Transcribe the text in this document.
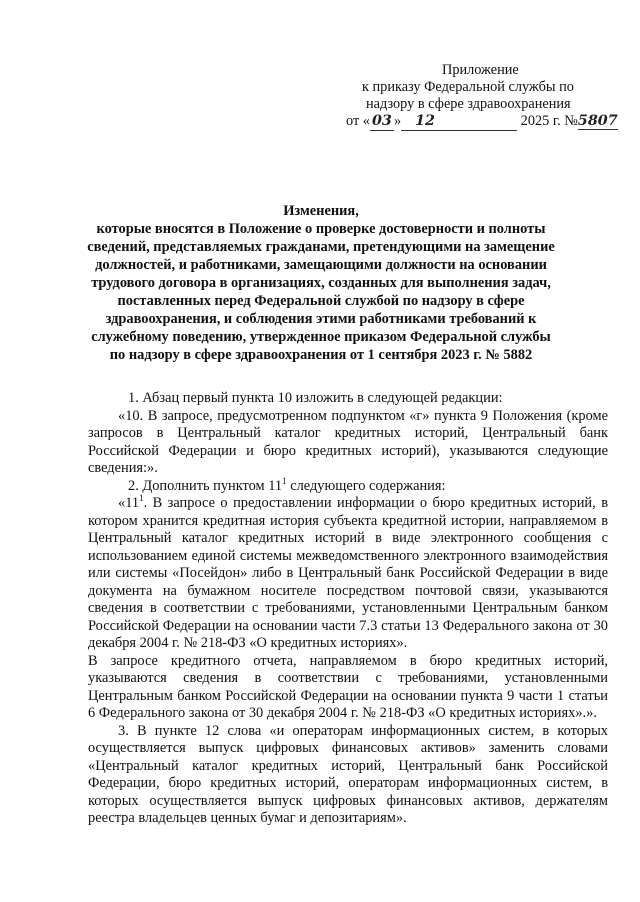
Приложение
к приказу Федеральной службы по
надзору в сфере здравоохранения
от « 03 » 12	2025 г. №5807
Изменения,
которые вносятся в Положение о проверке достоверности и полноты сведений, представляемых гражданами, претендующими на замещение должностей, и работниками, замещающими должности на основании трудового договора в организациях, созданных для выполнения задач, поставленных перед Федеральной службой по надзору в сфере здравоохранения, и соблюдения этими работниками требований к служебному поведению, утвержденное приказом Федеральной службы по надзору в сфере здравоохранения от 1 сентября 2023 г. № 5882

1. Абзац первый пункта 10 изложить в следующей редакции:

«10. В запросе, предусмотренном подпунктом «г» пункта 9 Положения (кроме запросов в Центральный каталог кредитных историй, Центральный банк Российской Федерации и бюро кредитных историй), указываются следующие сведения:».

2. Дополнить пунктом $11^1$ следующего содержания:

«$11^1$. В запросе о предоставлении информации о бюро кредитных историй, в котором хранится кредитная история субъекта кредитной истории, направляемом в Центральный каталог кредитных историй в виде электронного сообщения с использованием единой системы межведомственного электронного взаимодействия или системы «Посейдон» либо в Центральный банк Российской Федерации в виде документа на бумажном носителе посредством почтовой связи, указываются сведения в соответствии с требованиями, установленными Центральным банком Российской Федерации на основании части 7.3 статьи 13 Федерального закона от 30 декабря 2004 г. № 218-ФЗ «О кредитных историях».

В запросе кредитного отчета, направляемом в бюро кредитных историй, указываются сведения в соответствии с требованиями, установленными Центральным банком Российской Федерации на основании пункта 9 части 1 статьи 6 Федерального закона от 30 декабря 2004 г. № 218-ФЗ «О кредитных историях».».

3. В пункте 12 слова «и операторам информационных систем, в которых осуществляется выпуск цифровых финансовых активов» заменить словами «Центральный каталог кредитных историй, Центральный банк Российской Федерации, бюро кредитных историй, операторам информационных систем, в которых осуществляется выпуск цифровых финансовых активов, держателям реестра владельцев ценных бумаг и депозитариям».
